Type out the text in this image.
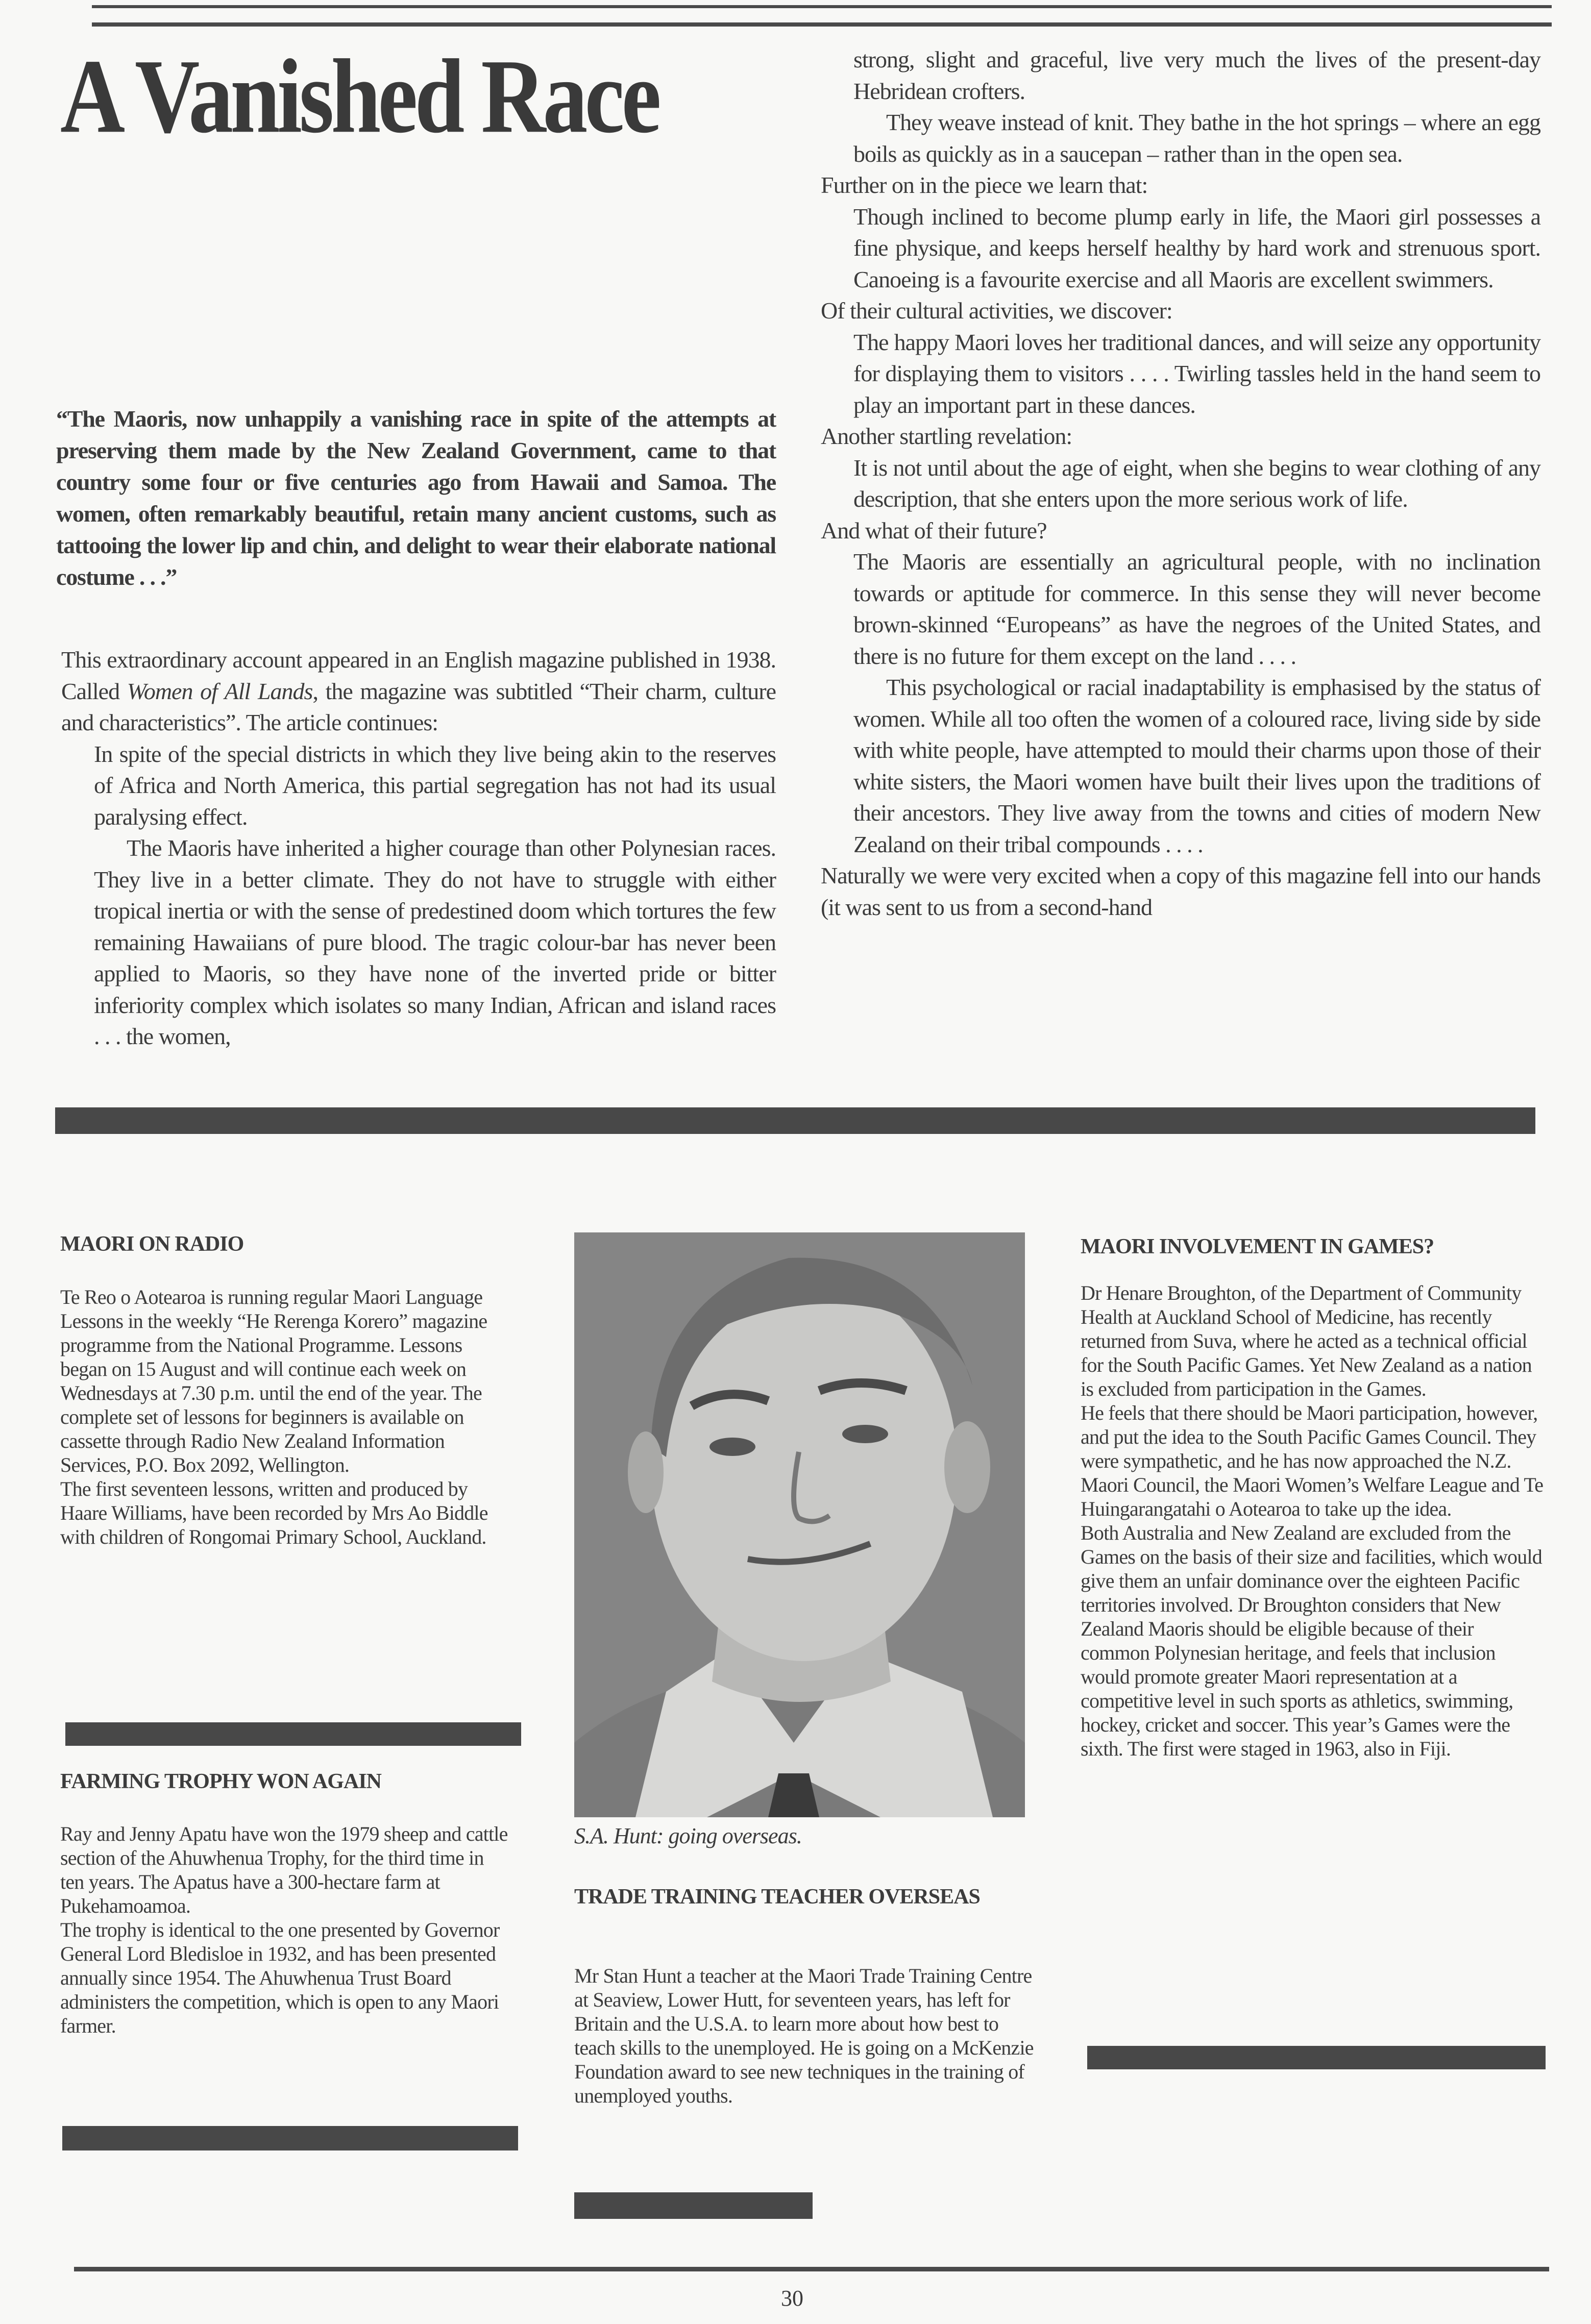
A Vanished Race
“The Maoris, now unhappily a vanishing race in spite of the attempts at preserving them made by the New Zealand Government, came to that country some four or five centuries ago from Hawaii and Samoa. The women, often remarkably beautiful, retain many ancient customs, such as tattooing the lower lip and chin, and delight to wear their elaborate national costume . . .”

This extraordinary account appeared in an English magazine published in 1938. Called Women of All Lands, the magazine was subtitled “Their charm, culture and characteristics”. The article continues:

In spite of the special districts in which they live being akin to the reserves of Africa and North America, this partial segregation has not had its usual paralysing effect.

The Maoris have inherited a higher courage than other Polynesian races. They live in a better climate. They do not have to struggle with either tropical inertia or with the sense of predestined doom which tortures the few remaining Hawaiians of pure blood. The tragic colour-bar has never been applied to Maoris, so they have none of the inverted pride or bitter inferiority complex which isolates so many Indian, African and island races . . . the women,

strong, slight and graceful, live very much the lives of the present-day Hebridean crofters.

They weave instead of knit. They bathe in the hot springs – where an egg boils as quickly as in a saucepan – rather than in the open sea.

Further on in the piece we learn that:

Though inclined to become plump early in life, the Maori girl possesses a fine physique, and keeps herself healthy by hard work and strenuous sport. Canoeing is a favourite exercise and all Maoris are excellent swimmers.

Of their cultural activities, we discover:

The happy Maori loves her traditional dances, and will seize any opportunity for displaying them to visitors . . . . Twirling tassles held in the hand seem to play an important part in these dances.

Another startling revelation:

It is not until about the age of eight, when she begins to wear clothing of any description, that she enters upon the more serious work of life.

And what of their future?

The Maoris are essentially an agricultural people, with no inclination towards or aptitude for commerce. In this sense they will never become brown-skinned “Europeans” as have the negroes of the United States, and there is no future for them except on the land . . . .

This psychological or racial inadaptability is emphasised by the status of women. While all too often the women of a coloured race, living side by side with white people, have attempted to mould their charms upon those of their white sisters, the Maori women have built their lives upon the traditions of their ancestors. They live away from the towns and cities of modern New Zealand on their tribal compounds . . . .

Naturally we were very excited when a copy of this magazine fell into our hands (it was sent to us from a second-hand

MAORI ON RADIO

Te Reo o Aotearoa is running regular Maori Language Lessons in the weekly “He Rerenga Korero” magazine programme from the National Programme. Lessons began on 15 August and will continue each week on Wednesdays at 7.30 p.m. until the end of the year. The complete set of lessons for beginners is available on cassette through Radio New Zealand Information Services, P.O. Box 2092, Wellington.

The first seventeen lessons, written and produced by Haare Williams, have been recorded by Mrs Ao Biddle with children of Rongomai Primary School, Auckland.

FARMING TROPHY WON AGAIN

Ray and Jenny Apatu have won the 1979 sheep and cattle section of the Ahuwhenua Trophy, for the third time in ten years. The Apatus have a 300-hectare farm at Pukehamoamoa.

The trophy is identical to the one presented by Governor General Lord Bledisloe in 1932, and has been presented annually since 1954. The Ahuwhenua Trust Board administers the competition, which is open to any Maori farmer.

S.A. Hunt: going overseas.
TRADE TRAINING TEACHER OVERSEAS
Mr Stan Hunt a teacher at the Maori Trade Training Centre at Seaview, Lower Hutt, for seventeen years, has left for Britain and the U.S.A. to learn more about how best to teach skills to the unemployed. He is going on a McKenzie Foundation award to see new techniques in the training of unemployed youths.
MAORI INVOLVEMENT IN GAMES?

Dr Henare Broughton, of the Department of Community Health at Auckland School of Medicine, has recently returned from Suva, where he acted as a technical official for the South Pacific Games. Yet New Zealand as a nation is excluded from participation in the Games.

He feels that there should be Maori participation, however, and put the idea to the South Pacific Games Council. They were sympathetic, and he has now approached the N.Z. Maori Council, the Maori Women’s Welfare League and Te Huingarangatahi o Aotearoa to take up the idea.

Both Australia and New Zealand are excluded from the Games on the basis of their size and facilities, which would give them an unfair dominance over the eighteen Pacific territories involved. Dr Broughton considers that New Zealand Maoris should be eligible because of their common Polynesian heritage, and feels that inclusion would promote greater Maori representation at a competitive level in such sports as athletics, swimming, hockey, cricket and soccer. This year’s Games were the sixth. The first were staged in 1963, also in Fiji.

30
